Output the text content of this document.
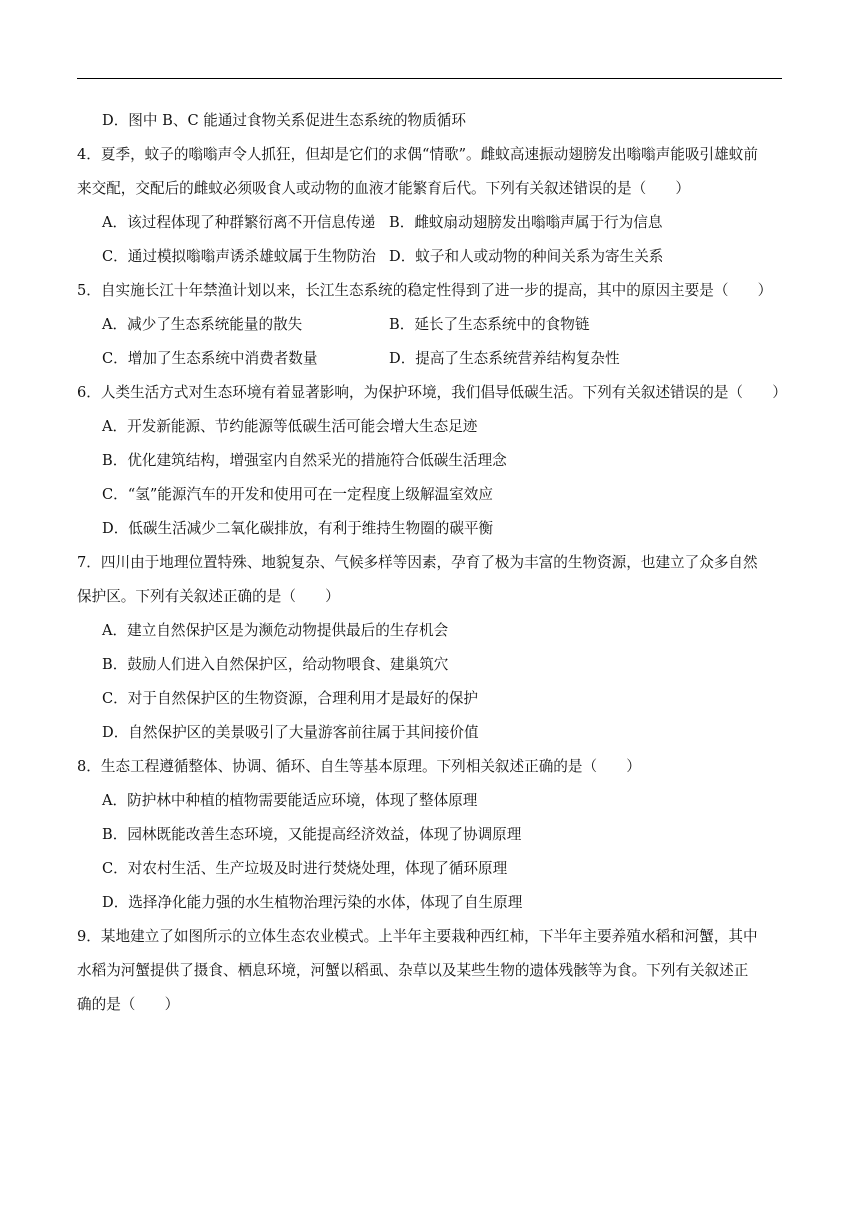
D．图中 B、C 能通过食物关系促进生态系统的物质循环
4．夏季，蚊子的嗡嗡声令人抓狂，但却是它们的求偶“情歌”。雌蚊高速振动翅膀发出嗡嗡声能吸引雄蚊前
来交配，交配后的雌蚊必须吸食人或动物的血液才能繁育后代。下列有关叙述错误的是（　　）
A．该过程体现了种群繁衍离不开信息传递 B．雌蚊扇动翅膀发出嗡嗡声属于行为信息
C．通过模拟嗡嗡声诱杀雄蚊属于生物防治 D．蚊子和人或动物的种间关系为寄生关系
5．自实施长江十年禁渔计划以来，长江生态系统的稳定性得到了进一步的提高，其中的原因主要是（　　）
A．减少了生态系统能量的散失	B．延长了生态系统中的食物链
C．增加了生态系统中消费者数量	D．提高了生态系统营养结构复杂性
6．人类生活方式对生态环境有着显著影响，为保护环境，我们倡导低碳生活。下列有关叙述错误的是（　　）
A．开发新能源、节约能源等低碳生活可能会增大生态足迹
B．优化建筑结构，增强室内自然采光的措施符合低碳生活理念
C．“氢”能源汽车的开发和使用可在一定程度上级解温室效应
D．低碳生活减少二氧化碳排放，有利于维持生物圈的碳平衡
7．四川由于地理位置特殊、地貌复杂、气候多样等因素，孕育了极为丰富的生物资源，也建立了众多自然
保护区。下列有关叙述正确的是（　　）
A．建立自然保护区是为濒危动物提供最后的生存机会
B．鼓励人们进入自然保护区，给动物喂食、建巢筑穴
C．对于自然保护区的生物资源，合理利用才是最好的保护
D．自然保护区的美景吸引了大量游客前往属于其间接价值
8．生态工程遵循整体、协调、循环、自生等基本原理。下列相关叙述正确的是（　　）
A．防护林中种植的植物需要能适应环境，体现了整体原理
B．园林既能改善生态环境，又能提高经济效益，体现了协调原理
C．对农村生活、生产垃圾及时进行焚烧处理，体现了循环原理
D．选择净化能力强的水生植物治理污染的水体，体现了自生原理
9．某地建立了如图所示的立体生态农业模式。上半年主要栽种西红柿，下半年主要养殖水稻和河蟹，其中
水稻为河蟹提供了摄食、栖息环境，河蟹以稻虱、杂草以及某些生物的遗体残骸等为食。下列有关叙述正
确的是（　　）
